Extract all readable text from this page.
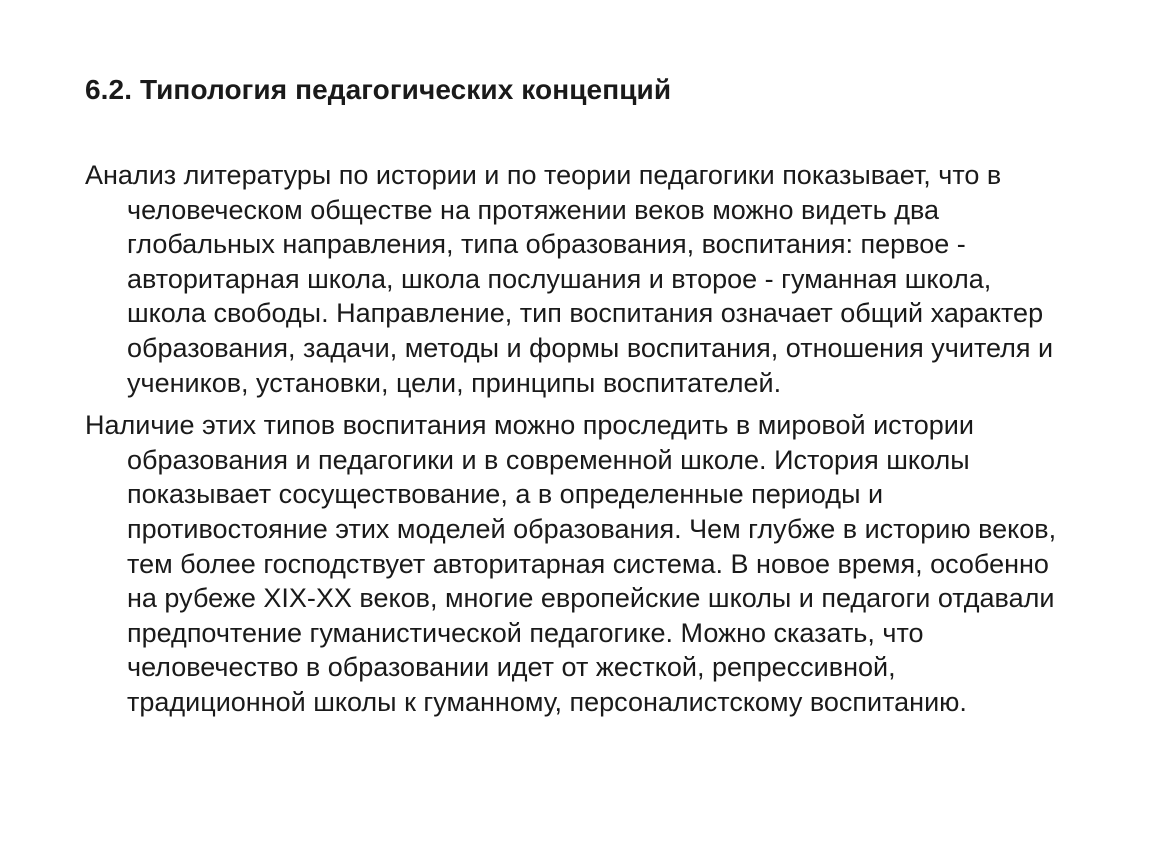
6.2. Типология педагогических концепций

Анализ литературы по истории и по теории педагогики показывает, что в человеческом обществе на протяжении веков можно видеть два глобальных направления, типа образования, воспитания: первое - авторитарная школа, школа послушания и второе - гуманная школа, школа свободы. Направление, тип воспитания означает общий характер образования, задачи, методы и формы воспитания, отношения учителя и учеников, установки, цели, принципы воспитателей.

Наличие этих типов воспитания можно проследить в мировой истории образования и педагогики и в современной школе. История школы показывает сосуществование, а в определенные периоды и противостояние этих моделей образования. Чем глубже в историю веков, тем более господствует авторитарная система. В новое время, особенно на рубеже XIX-XX веков, многие европейские школы и педагоги отдавали предпочтение гуманистической педагогике. Можно сказать, что человечество в образовании идет от жесткой, репрессивной, традиционной школы к гуманному, персоналистскому воспитанию.
